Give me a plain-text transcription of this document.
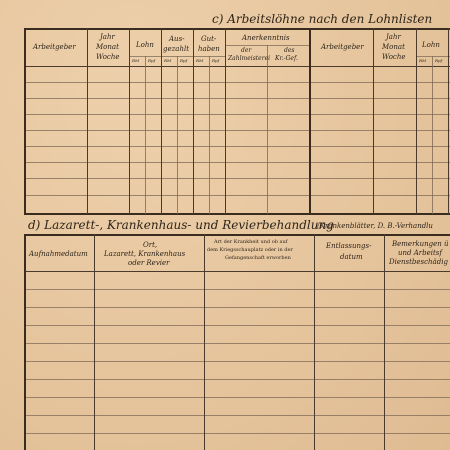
c) Arbeitslöhne nach den Lohnlisten
Arbeitgeber
Jahr
Monat
Woche
Lohn
Aus-
gezahlt
Gut-
haben
Anerkenntnis
der	des
Zahlmeisterei Kr.-Gef.
Arbeitgeber
Jahr
Monat
Woche
Lohn
RM Rpf RM Rpf RM Rpf	RM Rpf
d) Lazarett-, Krankenhaus- und Revierbehandlung
(Krankenblätter, D. B.-Verhandlu
Aufnahmedatum
Ort,
Lazarett, Krankenhaus
oder Revier
Art der Krankheit und ob auf
dem Kriegsschauplatz oder in der
Gefangenschaft erworben
Entlassungs-
datum
Bemerkungen ü
und Arbeitsf
Dienstbeschädig
